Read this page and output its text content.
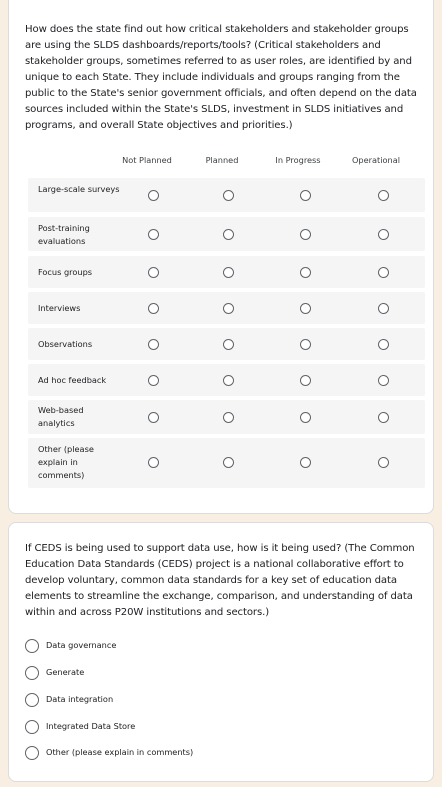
How does the state find out how critical stakeholders and stakeholder groups are using the SLDS dashboards/reports/tools? (Critical stakeholders and stakeholder groups, sometimes referred to as user roles, are identified by and unique to each State. They include individuals and groups ranging from the public to the State's senior government officials, and often depend on the data sources included within the State's SLDS, investment in SLDS initiatives and programs, and overall State objectives and priorities.)
Not Planned	Planned	In Progress	Operational
Large-scale surveys
Post-training evaluations
Focus groups
Interviews
Observations
Ad hoc feedback
Web-based analytics
Other (please explain in comments)
If CEDS is being used to support data use, how is it being used? (The Common Education Data Standards (CEDS) project is a national collaborative effort to develop voluntary, common data standards for a key set of education data elements to streamline the exchange, comparison, and understanding of data within and across P20W institutions and sectors.)
Data governance
Generate
Data integration
Integrated Data Store
Other (please explain in comments)
